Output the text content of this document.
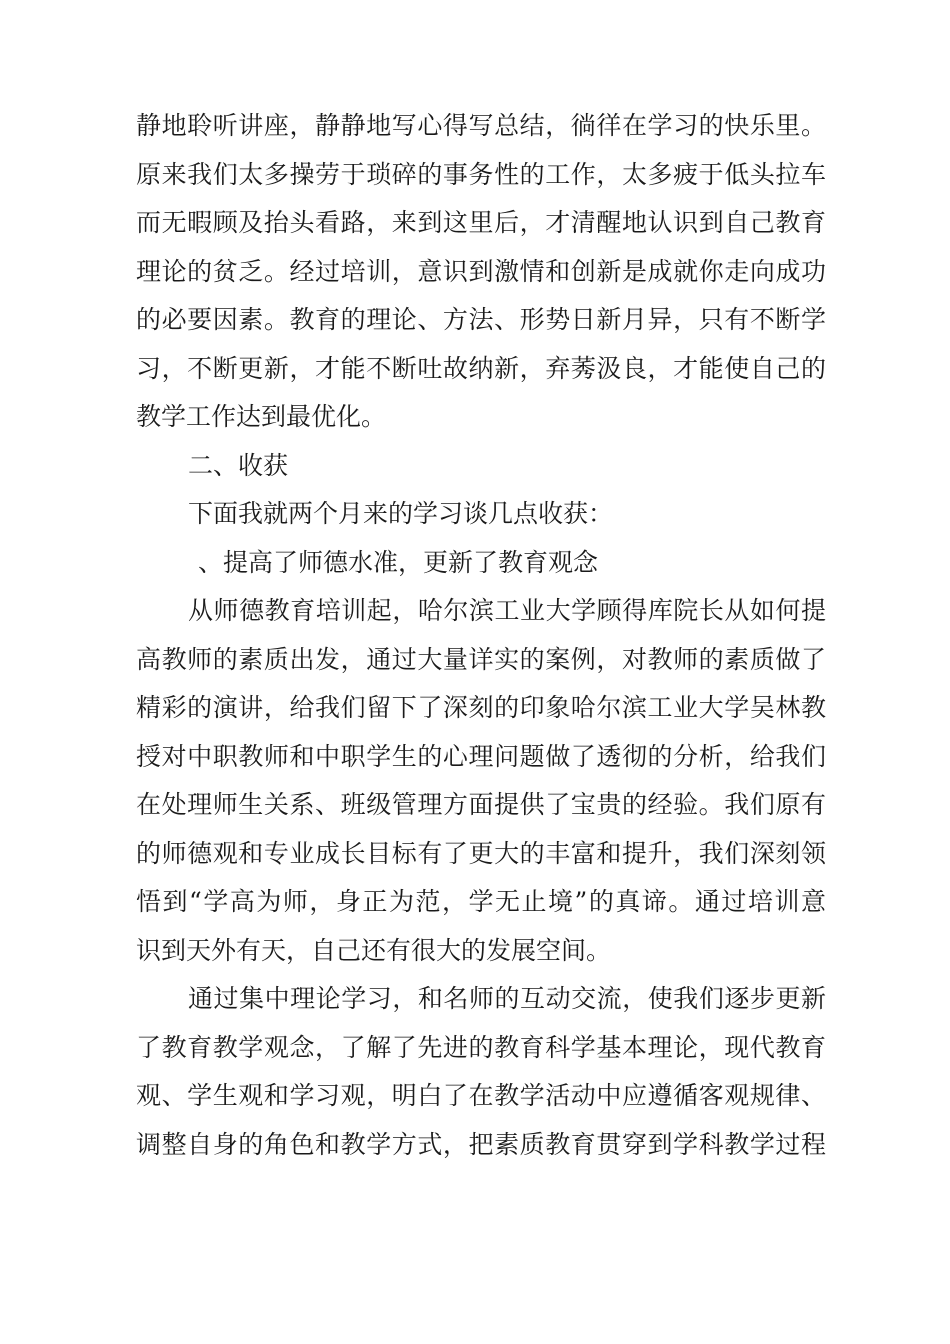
静地聆听讲座，静静地写心得写总结，徜徉在学习的快乐里。
原来我们太多操劳于琐碎的事务性的工作，太多疲于低头拉车
而无暇顾及抬头看路，来到这里后，才清醒地认识到自己教育
理论的贫乏。经过培训，意识到激情和创新是成就你走向成功
的必要因素。教育的理论、方法、形势日新月异，只有不断学
习，不断更新，才能不断吐故纳新，弃莠汲良，才能使自己的
教学工作达到最优化。
二、收获
下面我就两个月来的学习谈几点收获：
、提高了师德水准，更新了教育观念
从师德教育培训起，哈尔滨工业大学顾得库院长从如何提
高教师的素质出发，通过大量详实的案例，对教师的素质做了
精彩的演讲，给我们留下了深刻的印象哈尔滨工业大学吴林教
授对中职教师和中职学生的心理问题做了透彻的分析，给我们
在处理师生关系、班级管理方面提供了宝贵的经验。我们原有
的师德观和专业成长目标有了更大的丰富和提升，我们深刻领
悟到“学高为师，身正为范，学无止境”的真谛。通过培训意
识到天外有天，自己还有很大的发展空间。
通过集中理论学习，和名师的互动交流，使我们逐步更新
了教育教学观念，了解了先进的教育科学基本理论，现代教育
观、学生观和学习观，明白了在教学活动中应遵循客观规律、
调整自身的角色和教学方式，把素质教育贯穿到学科教学过程
